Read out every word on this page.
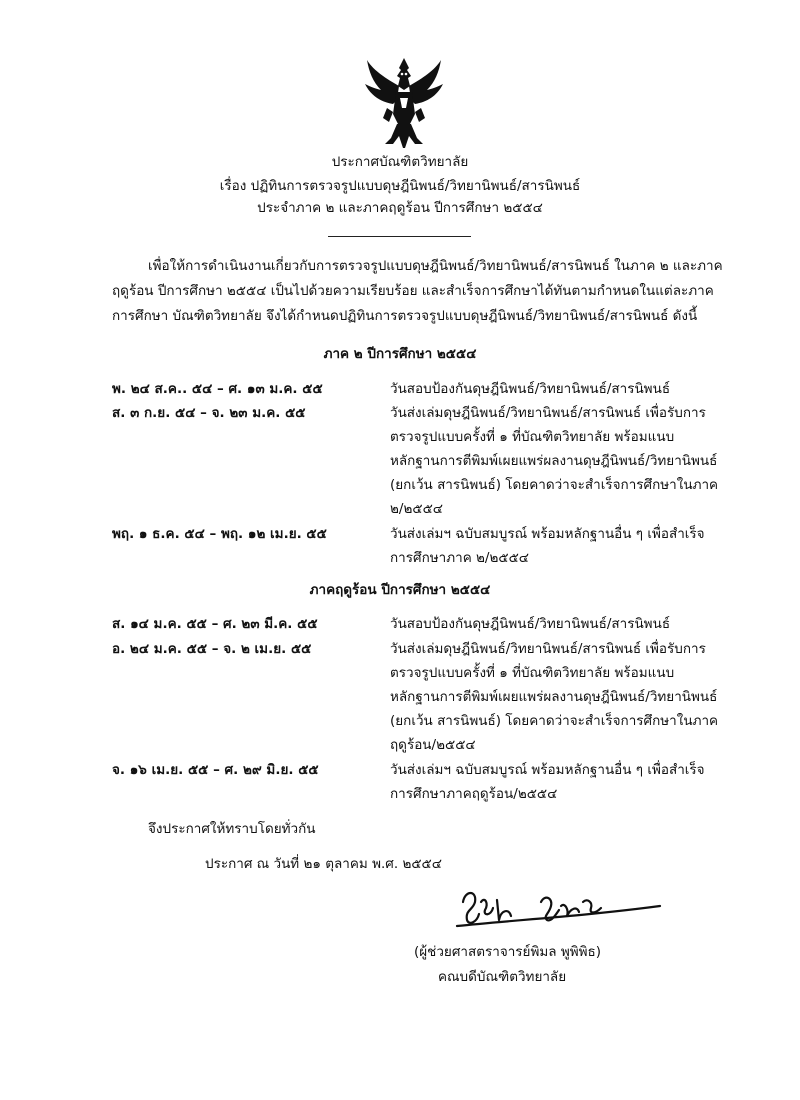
ประกาศบัณฑิตวิทยาลัย
เรื่อง ปฏิทินการตรวจรูปแบบดุษฎีนิพนธ์/วิทยานิพนธ์/สารนิพนธ์
ประจำภาค ๒ และภาคฤดูร้อน ปีการศึกษา ๒๕๕๔
เพื่อให้การดำเนินงานเกี่ยวกับการตรวจรูปแบบดุษฎีนิพนธ์/วิทยานิพนธ์/สารนิพนธ์ ในภาค ๒ และภาค
ฤดูร้อน ปีการศึกษา ๒๕๕๔ เป็นไปด้วยความเรียบร้อย และสำเร็จการศึกษาได้ทันตามกำหนดในแต่ละภาค
การศึกษา บัณฑิตวิทยาลัย จึงได้กำหนดปฏิทินการตรวจรูปแบบดุษฎีนิพนธ์/วิทยานิพนธ์/สารนิพนธ์ ดังนี้
ภาค ๒ ปีการศึกษา ๒๕๕๔
พ. ๒๔ ส.ค.. ๕๔ – ศ. ๑๓ ม.ค. ๕๕	วันสอบป้องกันดุษฎีนิพนธ์/วิทยานิพนธ์/สารนิพนธ์
ส. ๓ ก.ย. ๕๔ – จ. ๒๓ ม.ค. ๕๕	วันส่งเล่มดุษฎีนิพนธ์/วิทยานิพนธ์/สารนิพนธ์ เพื่อรับการ
ตรวจรูปแบบครั้งที่ ๑ ที่บัณฑิตวิทยาลัย พร้อมแนบ
หลักฐานการตีพิมพ์เผยแพร่ผลงานดุษฎีนิพนธ์/วิทยานิพนธ์
(ยกเว้น สารนิพนธ์) โดยคาดว่าจะสำเร็จการศึกษาในภาค
๒/๒๕๕๔
พฤ. ๑ ธ.ค. ๕๔ – พฤ. ๑๒ เม.ย. ๕๕	วันส่งเล่มฯ ฉบับสมบูรณ์ พร้อมหลักฐานอื่น ๆ เพื่อสำเร็จ
การศึกษาภาค ๒/๒๕๕๔
ภาคฤดูร้อน ปีการศึกษา ๒๕๕๔
ส. ๑๔ ม.ค. ๕๕ – ศ. ๒๓ มี.ค. ๕๕	วันสอบป้องกันดุษฎีนิพนธ์/วิทยานิพนธ์/สารนิพนธ์
อ. ๒๔ ม.ค. ๕๕ – จ. ๒ เม.ย. ๕๕	วันส่งเล่มดุษฎีนิพนธ์/วิทยานิพนธ์/สารนิพนธ์ เพื่อรับการ
ตรวจรูปแบบครั้งที่ ๑ ที่บัณฑิตวิทยาลัย พร้อมแนบ
หลักฐานการตีพิมพ์เผยแพร่ผลงานดุษฎีนิพนธ์/วิทยานิพนธ์
(ยกเว้น สารนิพนธ์) โดยคาดว่าจะสำเร็จการศึกษาในภาค
ฤดูร้อน/๒๕๕๔
จ. ๑๖ เม.ย. ๕๕ – ศ. ๒๙ มิ.ย. ๕๕	วันส่งเล่มฯ ฉบับสมบูรณ์ พร้อมหลักฐานอื่น ๆ เพื่อสำเร็จ
การศึกษาภาคฤดูร้อน/๒๕๕๔
จึงประกาศให้ทราบโดยทั่วกัน
ประกาศ ณ วันที่ ๒๑ ตุลาคม พ.ศ. ๒๕๕๔
(ผู้ช่วยศาสตราจารย์พิมล พูพิพิธ)
คณบดีบัณฑิตวิทยาลัย
